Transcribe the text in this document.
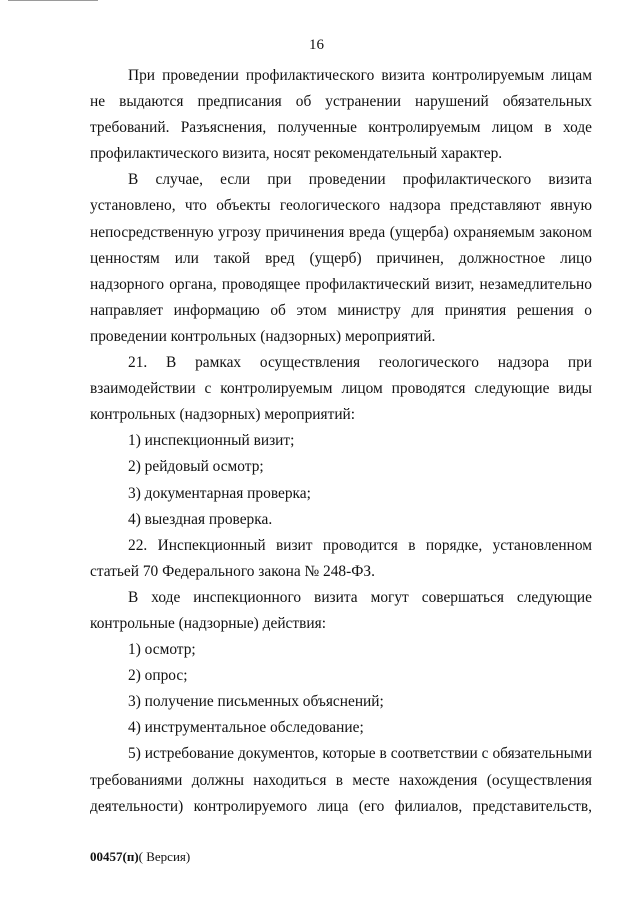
16

При проведении профилактического визита контролируемым лицам не выдаются предписания об устранении нарушений обязательных требований. Разъяснения, полученные контролируемым лицом в ходе профилактического визита, носят рекомендательный характер.

В случае, если при проведении профилактического визита установлено, что объекты геологического надзора представляют явную непосредственную угрозу причинения вреда (ущерба) охраняемым законом ценностям или такой вред (ущерб) причинен, должностное лицо надзорного органа, проводящее профилактический визит, незамедлительно направляет информацию об этом министру для принятия решения о проведении контрольных (надзорных) мероприятий.

21. В рамках осуществления геологического надзора при взаимодействии с контролируемым лицом проводятся следующие виды контрольных (надзорных) мероприятий:

1) инспекционный визит;

2) рейдовый осмотр;

3) документарная проверка;

4) выездная проверка.

22. Инспекционный визит проводится в порядке, установленном статьей 70 Федерального закона № 248-ФЗ.

В ходе инспекционного визита могут совершаться следующие контрольные (надзорные) действия:

1) осмотр;

2) опрос;

3) получение письменных объяснений;

4) инструментальное обследование;

5) истребование документов, которые в соответствии с обязательными требованиями должны находиться в месте нахождения (осуществления деятельности) контролируемого лица (его филиалов, представительств,

00457(п)( Версия)
